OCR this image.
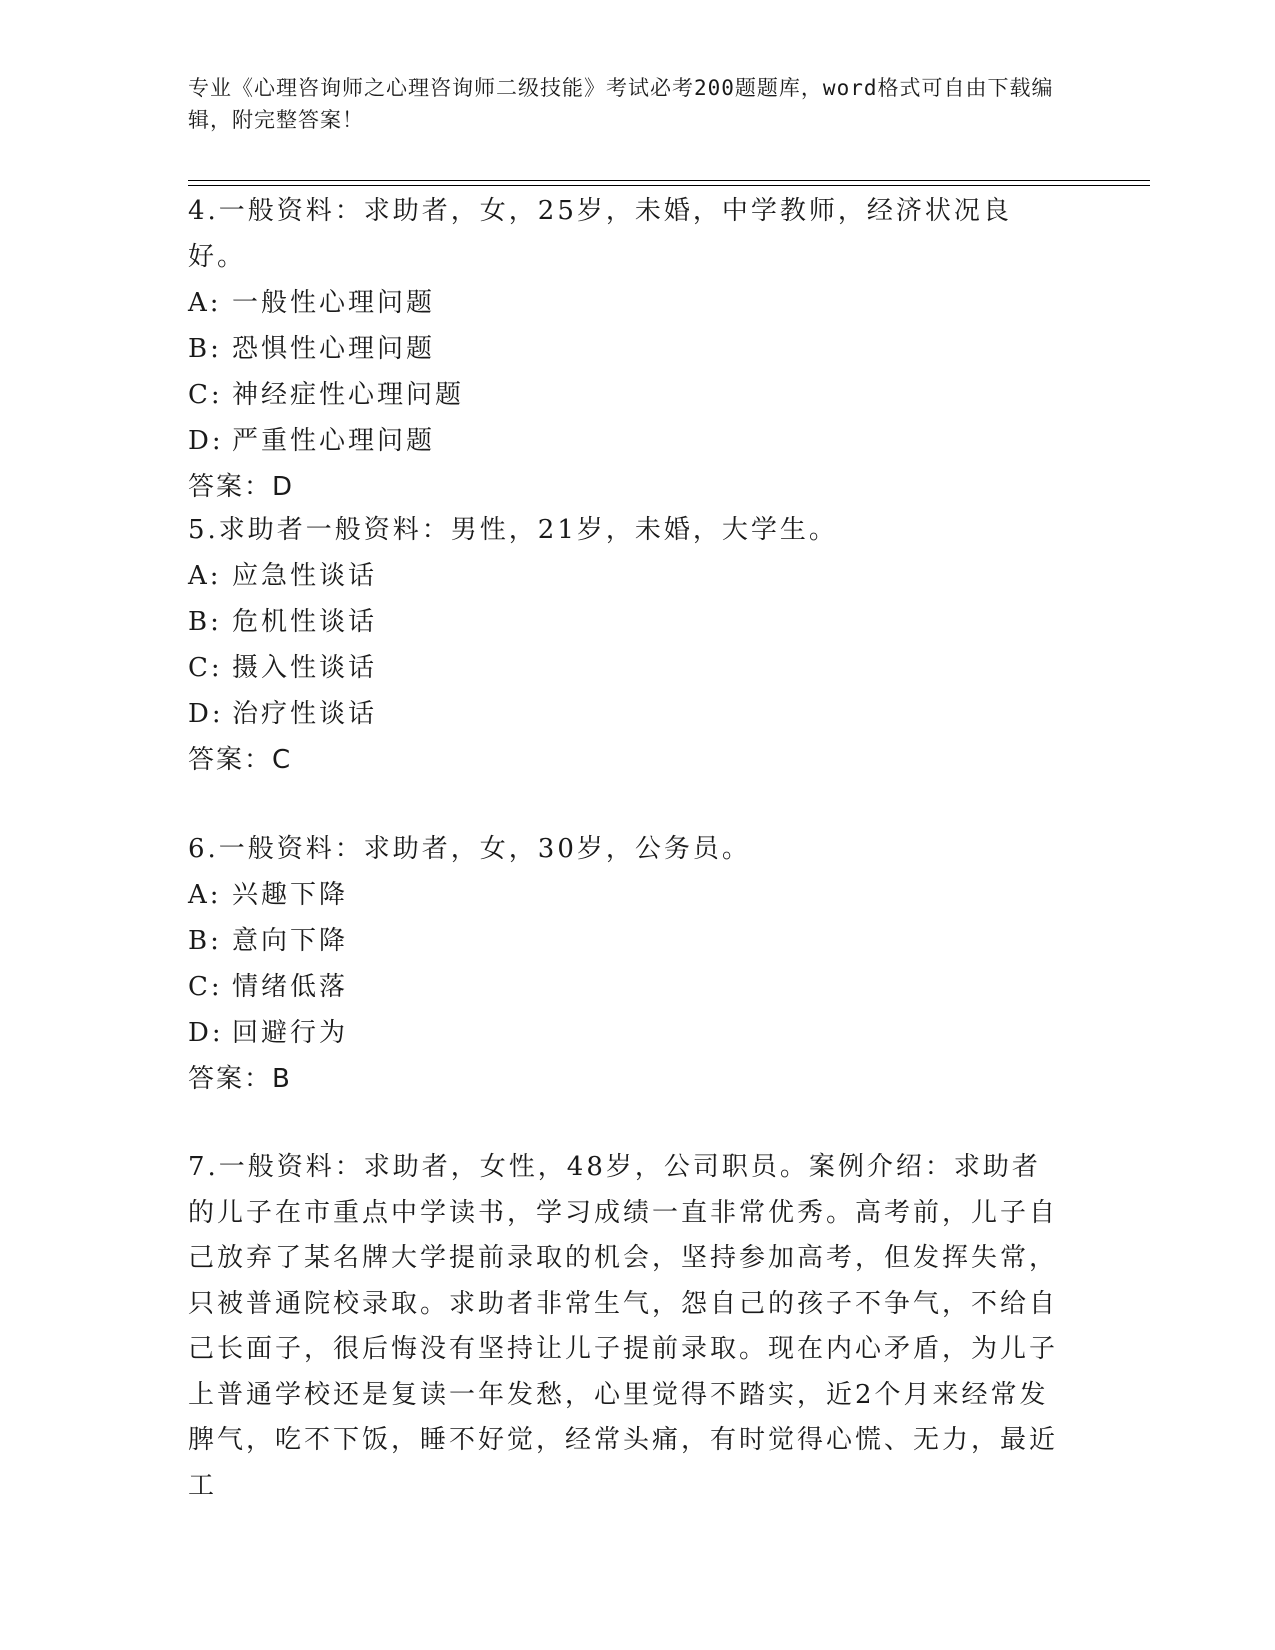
专业《心理咨询师之心理咨询师二级技能》考试必考200题题库，word格式可自由下载编辑，附完整答案！

4.一般资料：求助者，女，25岁，未婚，中学教师，经济状况良好。

A: 一般性心理问题
B: 恐惧性心理问题
C: 神经症性心理问题
D: 严重性心理问题

答案：D

5.求助者一般资料：男性，21岁，未婚，大学生。

A: 应急性谈话
B: 危机性谈话
C: 摄入性谈话
D: 治疗性谈话

答案：C

6.一般资料：求助者，女，30岁，公务员。

A: 兴趣下降
B: 意向下降
C: 情绪低落
D: 回避行为

答案：B

7.一般资料：求助者，女性，48岁，公司职员。案例介绍：求助者的儿子在市重点中学读书，学习成绩一直非常优秀。高考前，儿子自己放弃了某名牌大学提前录取的机会，坚持参加高考，但发挥失常，只被普通院校录取。求助者非常生气，怨自己的孩子不争气，不给自己长面子，很后悔没有坚持让儿子提前录取。现在内心矛盾，为儿子上普通学校还是复读一年发愁，心里觉得不踏实，近2个月来经常发脾气，吃不下饭，睡不好觉，经常头痛，有时觉得心慌、无力，最近工
